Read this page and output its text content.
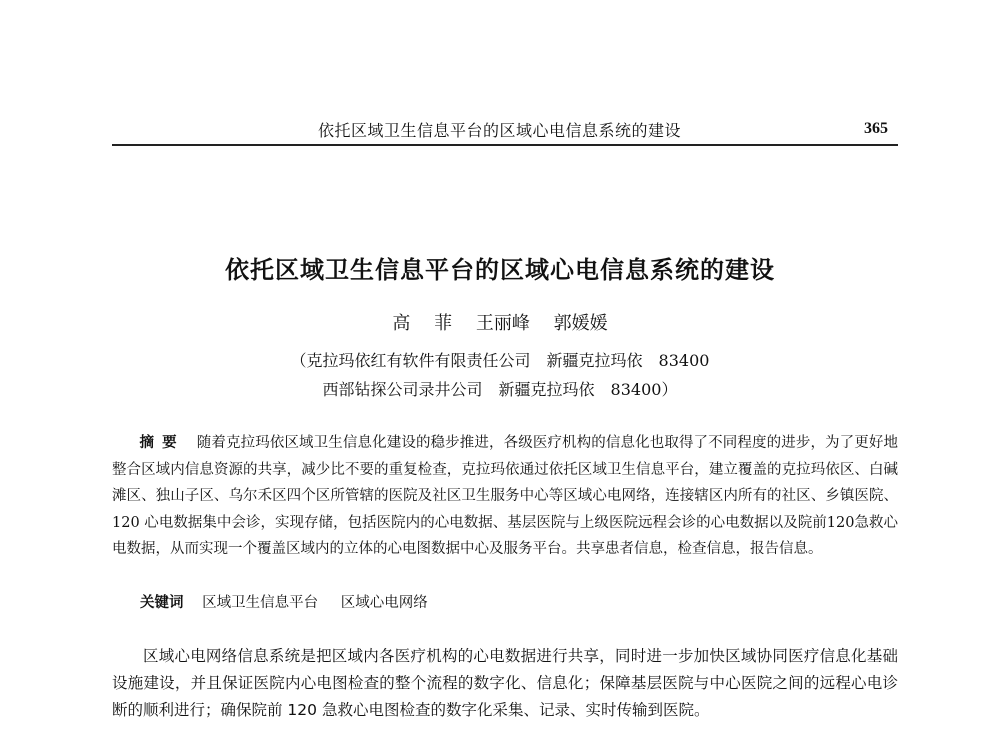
依托区域卫生信息平台的区域心电信息系统的建设	365
依托区域卫生信息平台的区域心电信息系统的建设
高 菲 王丽峰 郭媛媛
（克拉玛依红有软件有限责任公司　新疆克拉玛依　83400
西部钻探公司录井公司　新疆克拉玛依　83400）

摘要 随着克拉玛依区域卫生信息化建设的稳步推进，各级医疗机构的信息化也取得了不同程度的进步，为了更好地整合区域内信息资源的共享，减少比不要的重复检查，克拉玛依通过依托区域卫生信息平台，建立覆盖的克拉玛依区、白碱滩区、独山子区、乌尔禾区四个区所管辖的医院及社区卫生服务中心等区域心电网络，连接辖区内所有的社区、乡镇医院、120 心电数据集中会诊，实现存储，包括医院内的心电数据、基层医院与上级医院远程会诊的心电数据以及院前120急救心电数据，从而实现一个覆盖区域内的立体的心电图数据中心及服务平台。共享患者信息，检查信息，报告信息。

关键词 区域卫生信息平台 区域心电网络

区域心电网络信息系统是把区域内各医疗机构的心电数据进行共享，同时进一步加快区域协同医疗信息化基础设施建设，并且保证医院内心电图检查的整个流程的数字化、信息化；保障基层医院与中心医院之间的远程心电诊断的顺利进行；确保院前 120 急救心电图检查的数字化采集、记录、实时传输到医院。
